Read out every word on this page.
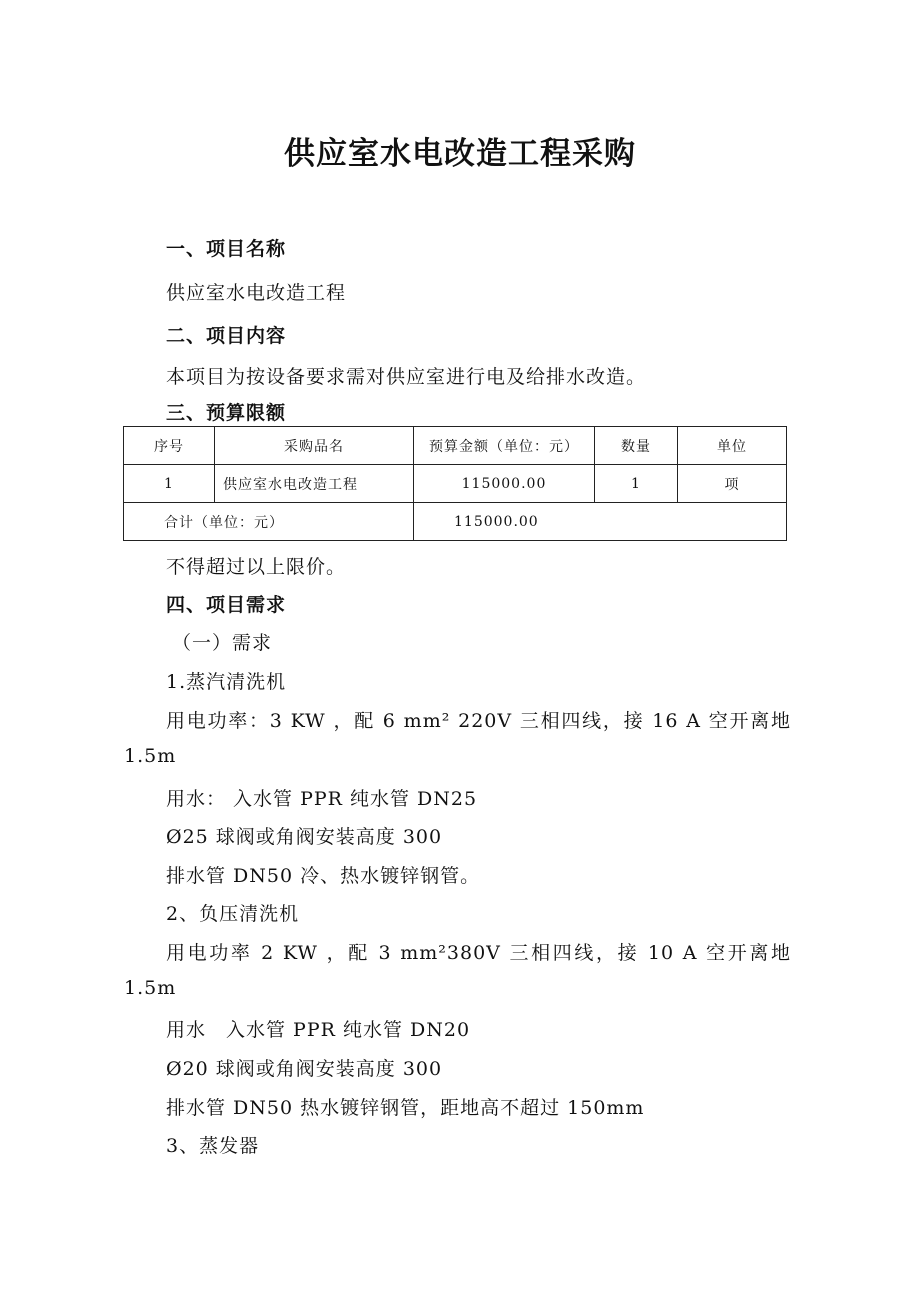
供应室水电改造工程采购
一、项目名称
供应室水电改造工程
二、项目内容
本项目为按设备要求需对供应室进行电及给排水改造。
三、预算限额
序号	采购品名	预算金额（单位：元）	数量	单位
1	供应室水电改造工程	115000.00	1	项
合计（单位：元）		115000.00		
不得超过以上限价。
四、项目需求
（一）需求
1.蒸汽清洗机
用电功率：3 KW ，配 6 mm² 220V 三相四线，接 16 A 空开离地
1.5m
用水： 入水管 PPR 纯水管 DN25
Ø25 球阀或角阀安装高度 300
排水管 DN50 冷、热水镀锌钢管。
2、负压清洗机
用电功率 2 KW ，配 3 mm²380V 三相四线，接 10 A 空开离地
1.5m
用水　入水管 PPR 纯水管 DN20
Ø20 球阀或角阀安装高度 300
排水管 DN50 热水镀锌钢管，距地高不超过 150mm
3、蒸发器
